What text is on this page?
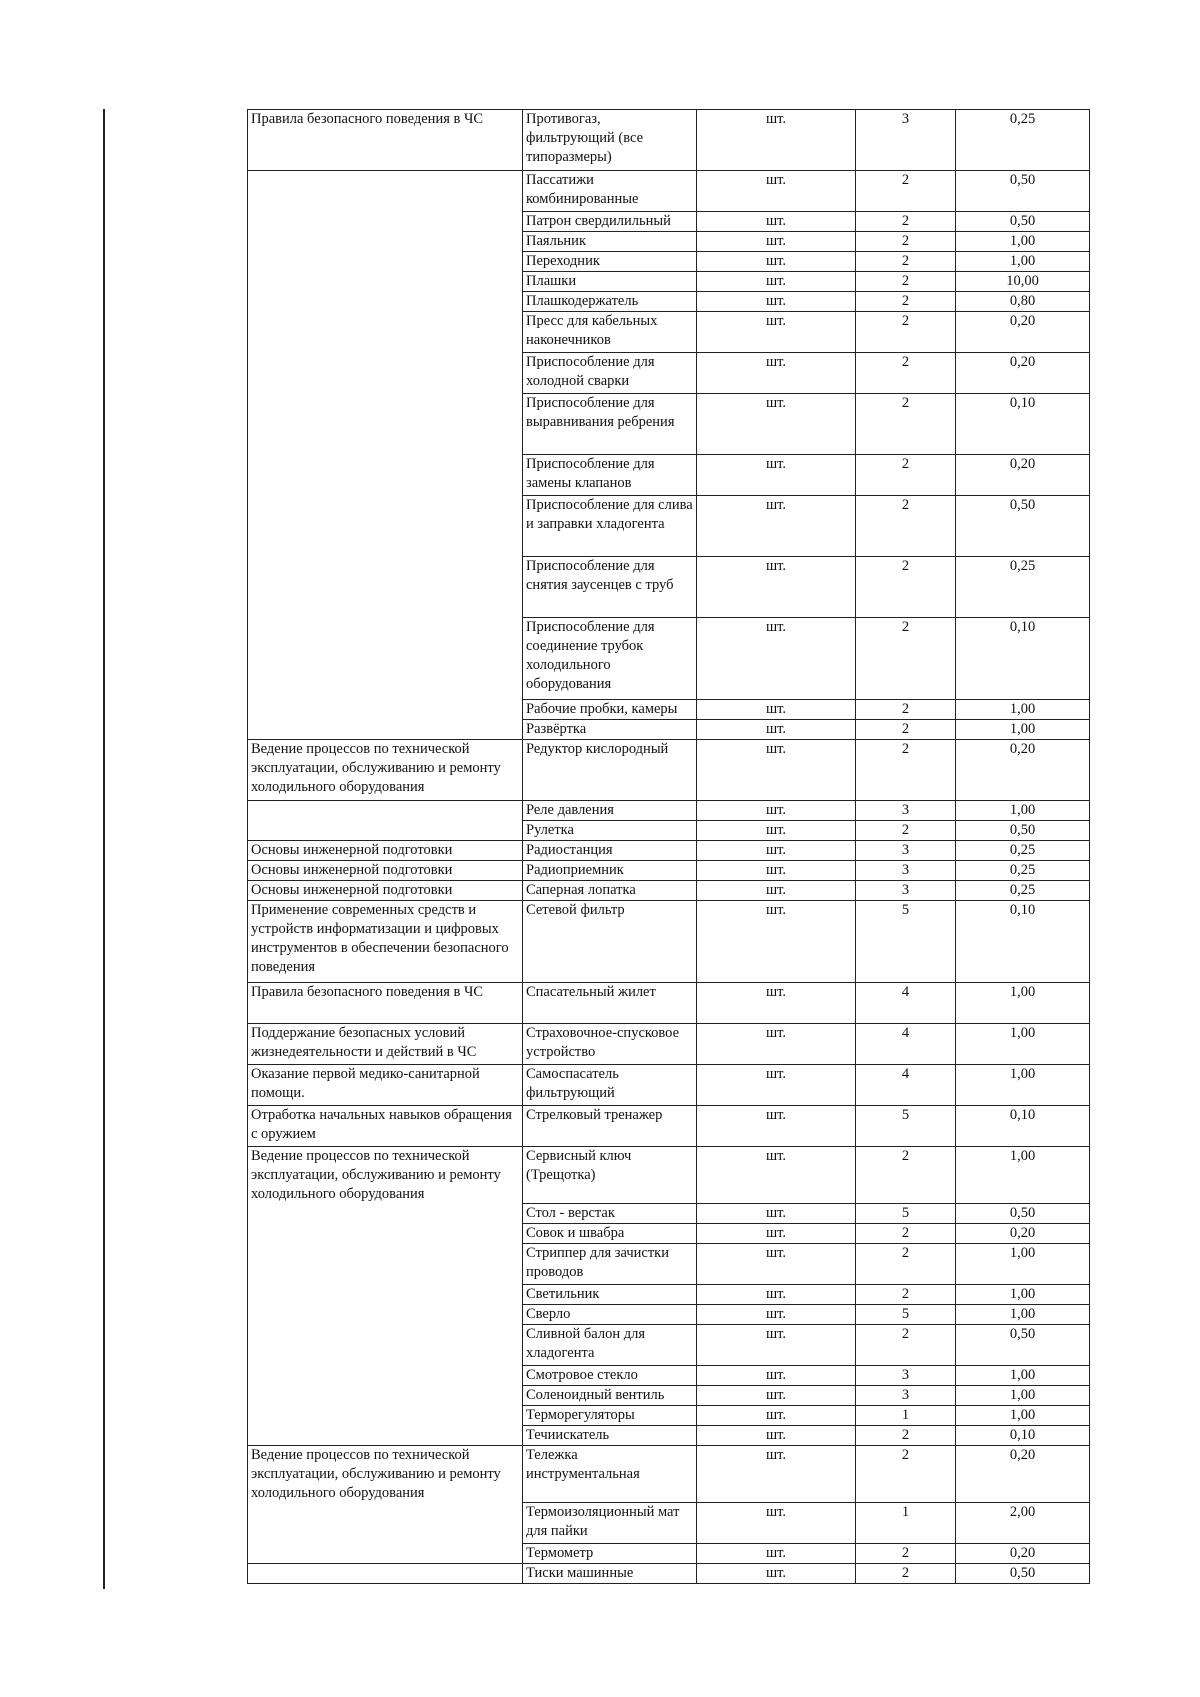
Правила безопасного поведения в ЧС	Противогаз, фильтрующий (все типоразмеры)	шт.	3	0,25
	Пассатижи комбинированные	шт.	2	0,50
	Патрон свердилильный	шт.	2	0,50
	Паяльник	шт.	2	1,00
	Переходник	шт.	2	1,00
	Плашки	шт.	2	10,00
	Плашкодержатель	шт.	2	0,80
	Пресс для кабельных наконечников	шт.	2	0,20
	Приспособление для холодной сварки	шт.	2	0,20
	Приспособление для выравнивания ребрения	шт.	2	0,10
	Приспособление для замены клапанов	шт.	2	0,20
	Приспособление для слива и заправки хладогента	шт.	2	0,50
	Приспособление для снятия заусенцев с труб	шт.	2	0,25
	Приспособление для соединение трубок холодильного оборудования	шт.	2	0,10
	Рабочие пробки, камеры	шт.	2	1,00
	Развёртка	шт.	2	1,00
Ведение процессов по технической эксплуатации, обслуживанию и ремонту холодильного оборудования	Редуктор кислородный	шт.	2	0,20
	Реле давления	шт.	3	1,00
	Рулетка	шт.	2	0,50
Основы инженерной подготовки	Радиостанция	шт.	3	0,25
Основы инженерной подготовки	Радиоприемник	шт.	3	0,25
Основы инженерной подготовки	Саперная лопатка	шт.	3	0,25
Применение современных средств и устройств информатизации и цифровых инструментов в обеспечении безопасного поведения	Сетевой фильтр	шт.	5	0,10
Правила безопасного поведения в ЧС	Спасательный жилет	шт.	4	1,00
Поддержание безопасных условий жизнедеятельности и действий в ЧС	Страховочное-спусковое устройство	шт.	4	1,00
Оказание первой медико-санитарной помощи.	Самоспасатель фильтрующий	шт.	4	1,00
Отработка начальных навыков обращения с оружием	Стрелковый тренажер	шт.	5	0,10
Ведение процессов по технической эксплуатации, обслуживанию и ремонту холодильного оборудования	Сервисный ключ (Трещотка)	шт.	2	1,00
	Стол - верстак	шт.	5	0,50
	Совок и швабра	шт.	2	0,20
	Стриппер для зачистки проводов	шт.	2	1,00
	Светильник	шт.	2	1,00
	Сверло	шт.	5	1,00
	Сливной балон для хладогента	шт.	2	0,50
	Смотровое стекло	шт.	3	1,00
	Соленоидный вентиль	шт.	3	1,00
	Терморегуляторы	шт.	1	1,00
	Течиискатель	шт.	2	0,10
Ведение процессов по технической эксплуатации, обслуживанию и ремонту холодильного оборудования	Тележка инструментальная	шт.	2	0,20
	Термоизоляционный мат для пайки	шт.	1	2,00
	Термометр	шт.	2	0,20
	Тиски машинные	шт.	2	0,50
